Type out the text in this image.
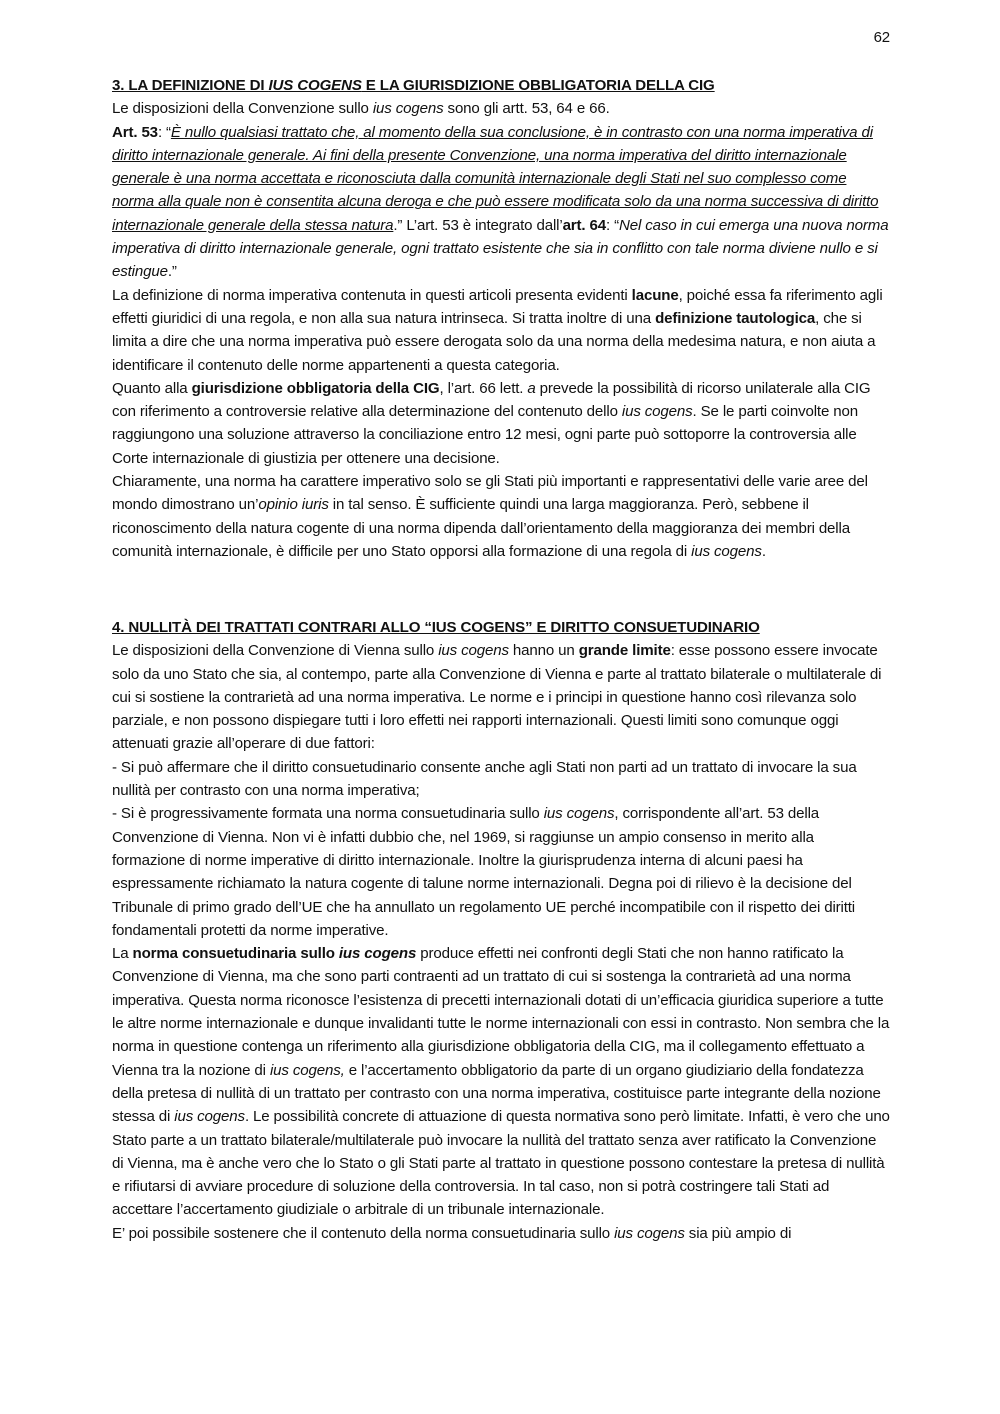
62
3. LA DEFINIZIONE DI IUS COGENS E LA GIURISDIZIONE OBBLIGATORIA DELLA CIG

Le disposizioni della Convenzione sullo ius cogens sono gli artt. 53, 64 e 66.

Art. 53: “È nullo qualsiasi trattato che, al momento della sua conclusione, è in contrasto con una norma imperativa di diritto internazionale generale. Ai fini della presente Convenzione, una norma imperativa del diritto internazionale generale è una norma accettata e riconosciuta dalla comunità internazionale degli Stati nel suo complesso come norma alla quale non è consentita alcuna deroga e che può essere modificata solo da una norma successiva di diritto internazionale generale della stessa natura.” L’art. 53 è integrato dall’art. 64: “Nel caso in cui emerga una nuova norma imperativa di diritto internazionale generale, ogni trattato esistente che sia in conflitto con tale norma diviene nullo e si estingue.”

La definizione di norma imperativa contenuta in questi articoli presenta evidenti lacune, poiché essa fa riferimento agli effetti giuridici di una regola, e non alla sua natura intrinseca. Si tratta inoltre di una definizione tautologica, che si limita a dire che una norma imperativa può essere derogata solo da una norma della medesima natura, e non aiuta a identificare il contenuto delle norme appartenenti a questa categoria.

Quanto alla giurisdizione obbligatoria della CIG, l’art. 66 lett. a prevede la possibilità di ricorso unilaterale alla CIG con riferimento a controversie relative alla determinazione del contenuto dello ius cogens. Se le parti coinvolte non raggiungono una soluzione attraverso la conciliazione entro 12 mesi, ogni parte può sottoporre la controversia alle Corte internazionale di giustizia per ottenere una decisione.

Chiaramente, una norma ha carattere imperativo solo se gli Stati più importanti e rappresentativi delle varie aree del mondo dimostrano un’opinio iuris in tal senso. È sufficiente quindi una larga maggioranza. Però, sebbene il riconoscimento della natura cogente di una norma dipenda dall’orientamento della maggioranza dei membri della comunità internazionale, è difficile per uno Stato opporsi alla formazione di una regola di ius cogens.

4. NULLITÀ DEI TRATTATI CONTRARI ALLO “IUS COGENS” E DIRITTO CONSUETUDINARIO

Le disposizioni della Convenzione di Vienna sullo ius cogens hanno un grande limite: esse possono essere invocate solo da uno Stato che sia, al contempo, parte alla Convenzione di Vienna e parte al trattato bilaterale o multilaterale di cui si sostiene la contrarietà ad una norma imperativa. Le norme e i principi in questione hanno così rilevanza solo parziale, e non possono dispiegare tutti i loro effetti nei rapporti internazionali. Questi limiti sono comunque oggi attenuati grazie all’operare di due fattori:

- Si può affermare che il diritto consuetudinario consente anche agli Stati non parti ad un trattato di invocare la sua nullità per contrasto con una norma imperativa;

- Si è progressivamente formata una norma consuetudinaria sullo ius cogens, corrispondente all’art. 53 della Convenzione di Vienna. Non vi è infatti dubbio che, nel 1969, si raggiunse un ampio consenso in merito alla formazione di norme imperative di diritto internazionale. Inoltre la giurisprudenza interna di alcuni paesi ha espressamente richiamato la natura cogente di talune norme internazionali. Degna poi di rilievo è la decisione del Tribunale di primo grado dell’UE che ha annullato un regolamento UE perché incompatibile con il rispetto dei diritti fondamentali protetti da norme imperative.

La norma consuetudinaria sullo ius cogens produce effetti nei confronti degli Stati che non hanno ratificato la Convenzione di Vienna, ma che sono parti contraenti ad un trattato di cui si sostenga la contrarietà ad una norma imperativa. Questa norma riconosce l’esistenza di precetti internazionali dotati di un’efficacia giuridica superiore a tutte le altre norme internazionale e dunque invalidanti tutte le norme internazionali con essi in contrasto. Non sembra che la norma in questione contenga un riferimento alla giurisdizione obbligatoria della CIG, ma il collegamento effettuato a Vienna tra la nozione di ius cogens, e l’accertamento obbligatorio da parte di un organo giudiziario della fondatezza della pretesa di nullità di un trattato per contrasto con una norma imperativa, costituisce parte integrante della nozione stessa di ius cogens. Le possibilità concrete di attuazione di questa normativa sono però limitate. Infatti, è vero che uno Stato parte a un trattato bilaterale/multilaterale può invocare la nullità del trattato senza aver ratificato la Convenzione di Vienna, ma è anche vero che lo Stato o gli Stati parte al trattato in questione possono contestare la pretesa di nullità e rifiutarsi di avviare procedure di soluzione della controversia. In tal caso, non si potrà costringere tali Stati ad accettare l’accertamento giudiziale o arbitrale di un tribunale internazionale.

E’ poi possibile sostenere che il contenuto della norma consuetudinaria sullo ius cogens sia più ampio di
